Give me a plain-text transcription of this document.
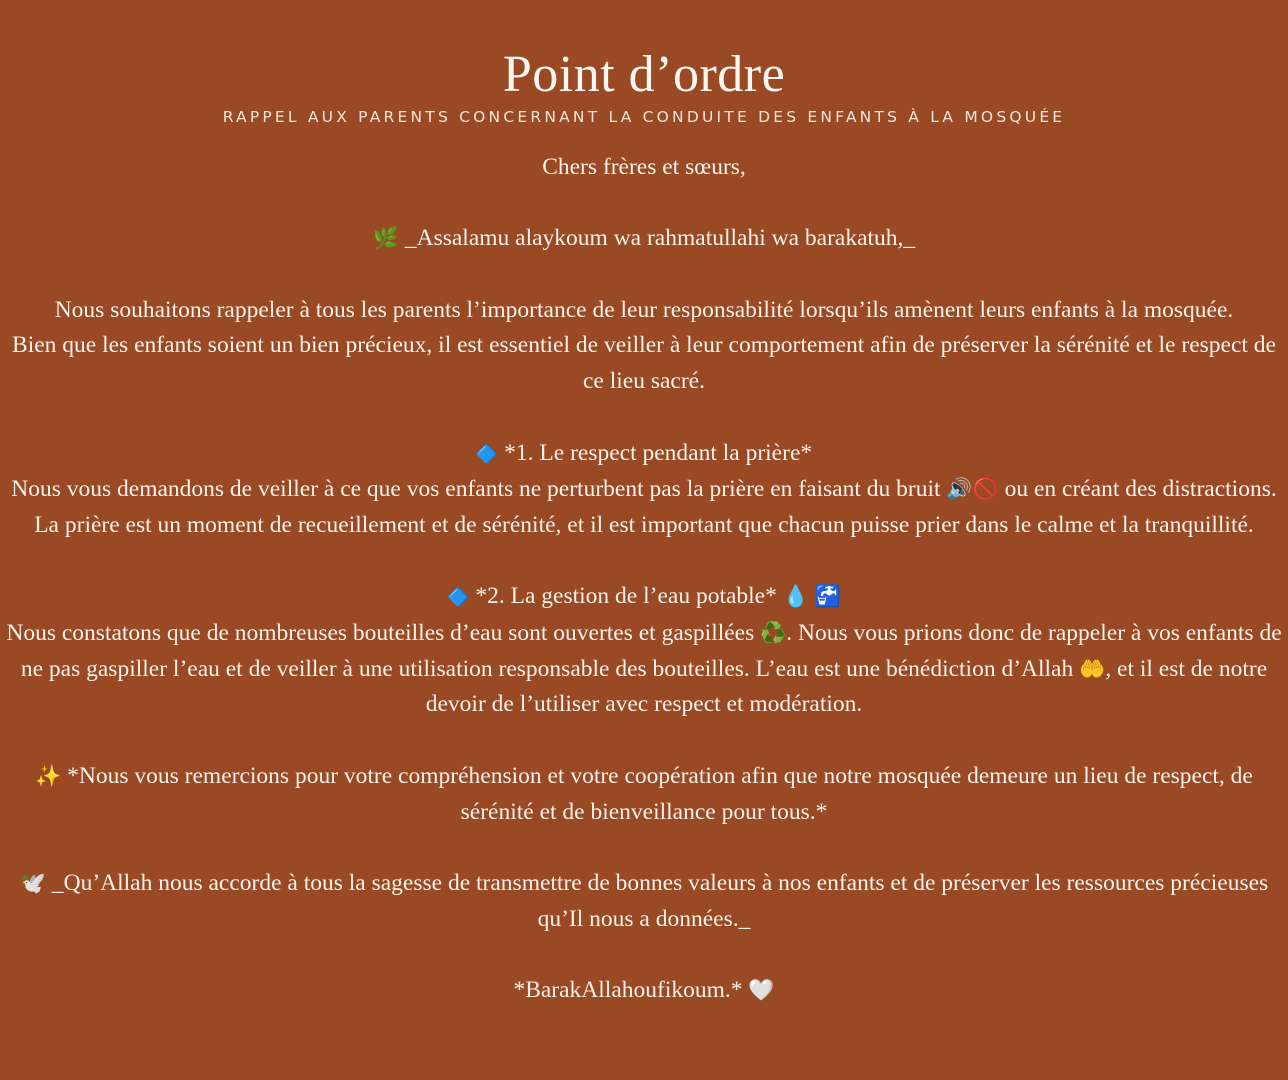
Point d’ordre
RAPPEL AUX PARENTS CONCERNANT LA CONDUITE DES ENFANTS À LA MOSQUÉE

Chers frères et sœurs,

🌿 _Assalamu alaykoum wa rahmatullahi wa barakatuh,_

Nous souhaitons rappeler à tous les parents l’importance de leur responsabilité lorsqu’ils amènent leurs enfants à la mosquée.

Bien que les enfants soient un bien précieux, il est essentiel de veiller à leur comportement afin de préserver la sérénité et le respect de ce lieu sacré.

🔷 *1. Le respect pendant la prière*

Nous vous demandons de veiller à ce que vos enfants ne perturbent pas la prière en faisant du bruit 🔊🚫 ou en créant des distractions. La prière est un moment de recueillement et de sérénité, et il est important que chacun puisse prier dans le calme et la tranquillité.

🔷 *2. La gestion de l’eau potable* 💧 🚰

Nous constatons que de nombreuses bouteilles d’eau sont ouvertes et gaspillées ♻️. Nous vous prions donc de rappeler à vos enfants de ne pas gaspiller l’eau et de veiller à une utilisation responsable des bouteilles. L’eau est une bénédiction d’Allah 🤲, et il est de notre devoir de l’utiliser avec respect et modération.

✨ *Nous vous remercions pour votre compréhension et votre coopération afin que notre mosquée demeure un lieu de respect, de sérénité et de bienveillance pour tous.*

🕊️ _Qu’Allah nous accorde à tous la sagesse de transmettre de bonnes valeurs à nos enfants et de préserver les ressources précieuses qu’Il nous a données._

*BarakAllahoufikoum.* 🤍
